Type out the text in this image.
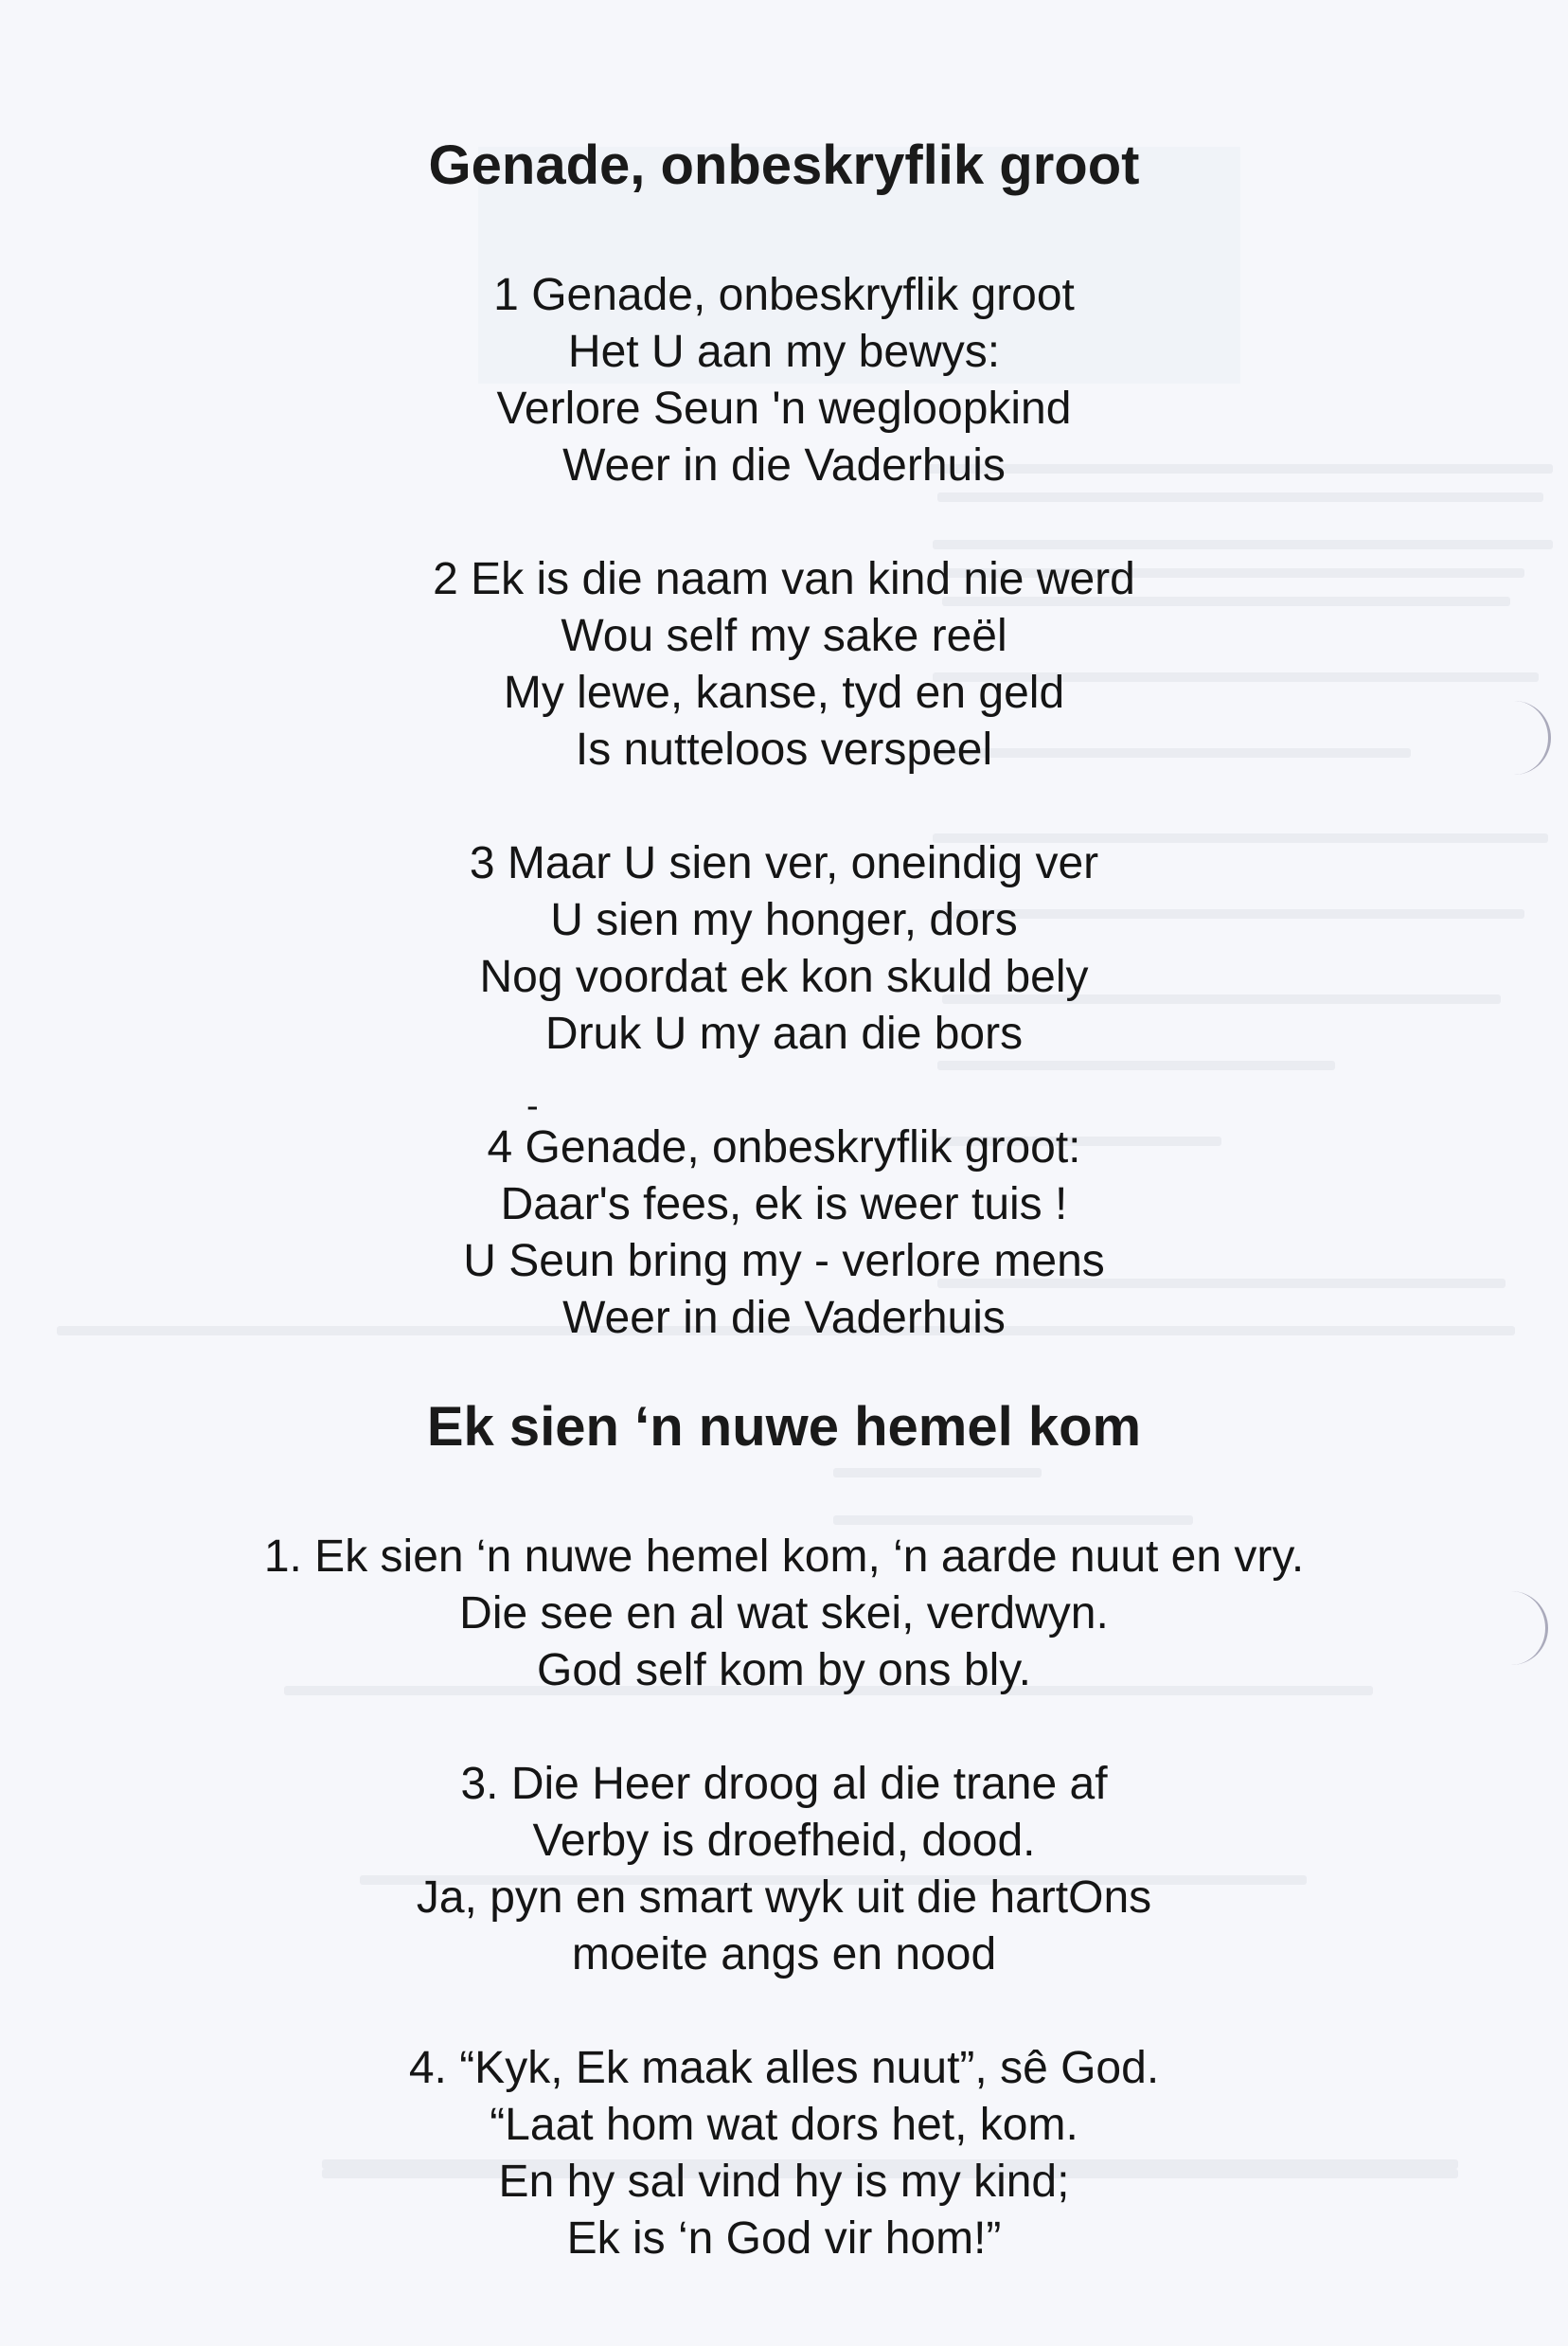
Genade, onbeskryflik groot
1 Genade, onbeskryflik groot
Het U aan my bewys:
Verlore Seun 'n wegloopkind
Weer in die Vaderhuis
2 Ek is die naam van kind nie werd
Wou self my sake reël
My lewe, kanse, tyd en geld
Is nutteloos verspeel
3 Maar U sien ver, oneindig ver
U sien my honger, dors
Nog voordat ek kon skuld bely
Druk U my aan die bors
-
4 Genade, onbeskryflik groot:
Daar's fees, ek is weer tuis !
U Seun bring my - verlore mens
Weer in die Vaderhuis
Ek sien ‘n nuwe hemel kom
1. Ek sien ‘n nuwe hemel kom, ‘n aarde nuut en vry.
Die see en al wat skei, verdwyn.
God self kom by ons bly.
3. Die Heer droog al die trane af
Verby is droefheid, dood.
Ja, pyn en smart wyk uit die hartOns
moeite angs en nood
4. “Kyk, Ek maak alles nuut”, sê God.
“Laat hom wat dors het, kom.
En hy sal vind hy is my kind;
Ek is ‘n God vir hom!”
